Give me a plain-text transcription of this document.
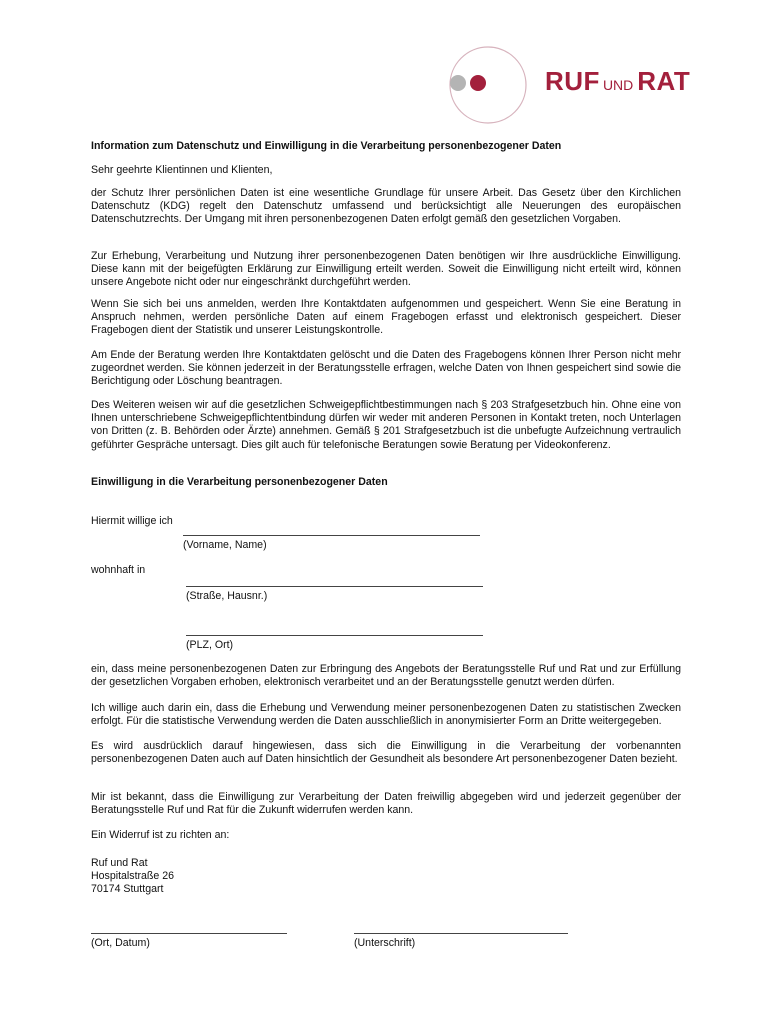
RUF UND RAT
Information zum Datenschutz und Einwilligung in die Verarbeitung personenbezogener Daten
Sehr geehrte Klientinnen und Klienten,

der Schutz Ihrer persönlichen Daten ist eine wesentliche Grundlage für unsere Arbeit. Das Gesetz über den Kirchlichen Datenschutz (KDG) regelt den Datenschutz umfassend und berücksichtigt alle Neuerungen des europäischen Datenschutzrechts. Der Umgang mit ihren personenbezogenen Daten erfolgt gemäß den gesetzlichen Vorgaben.

Zur Erhebung, Verarbeitung und Nutzung ihrer personenbezogenen Daten benötigen wir Ihre ausdrückliche Einwilligung. Diese kann mit der beigefügten Erklärung zur Einwilligung erteilt werden. Soweit die Einwilligung nicht erteilt wird, können unsere Angebote nicht oder nur eingeschränkt durchgeführt werden.

Wenn Sie sich bei uns anmelden, werden Ihre Kontaktdaten aufgenommen und gespeichert. Wenn Sie eine Beratung in Anspruch nehmen, werden persönliche Daten auf einem Fragebogen erfasst und elektronisch gespeichert. Dieser Fragebogen dient der Statistik und unserer Leistungskontrolle.

Am Ende der Beratung werden Ihre Kontaktdaten gelöscht und die Daten des Fragebogens können Ihrer Person nicht mehr zugeordnet werden. Sie können jederzeit in der Beratungsstelle erfragen, welche Daten von Ihnen gespeichert sind sowie die Berichtigung oder Löschung beantragen.

Des Weiteren weisen wir auf die gesetzlichen Schweigepflichtbestimmungen nach § 203 Strafgesetzbuch hin. Ohne eine von Ihnen unterschriebene Schweigepflichtentbindung dürfen wir weder mit anderen Personen in Kontakt treten, noch Unterlagen von Dritten (z. B. Behörden oder Ärzte) annehmen. Gemäß § 201 Strafgesetzbuch ist die unbefugte Aufzeichnung vertraulich geführter Gespräche untersagt. Dies gilt auch für telefonische Beratungen sowie Beratung per Videokonferenz.

Einwilligung in die Verarbeitung personenbezogener Daten
Hiermit willige ich
(Vorname, Name)
wohnhaft in
(Straße, Hausnr.)
(PLZ, Ort)

ein, dass meine personenbezogenen Daten zur Erbringung des Angebots der Beratungsstelle Ruf und Rat und zur Erfüllung der gesetzlichen Vorgaben erhoben, elektronisch verarbeitet und an der Beratungsstelle genutzt werden dürfen.

Ich willige auch darin ein, dass die Erhebung und Verwendung meiner personenbezogenen Daten zu statistischen Zwecken erfolgt. Für die statistische Verwendung werden die Daten ausschließlich in anonymisierter Form an Dritte weitergegeben.

Es wird ausdrücklich darauf hingewiesen, dass sich die Einwilligung in die Verarbeitung der vorbenannten personenbezogenen Daten auch auf Daten hinsichtlich der Gesundheit als besondere Art personenbezogener Daten bezieht.

Mir ist bekannt, dass die Einwilligung zur Verarbeitung der Daten freiwillig abgegeben wird und jederzeit gegenüber der Beratungsstelle Ruf und Rat für die Zukunft widerrufen werden kann.

Ein Widerruf ist zu richten an:
Ruf und Rat
Hospitalstraße 26
70174 Stuttgart
(Ort, Datum)	(Unterschrift)
